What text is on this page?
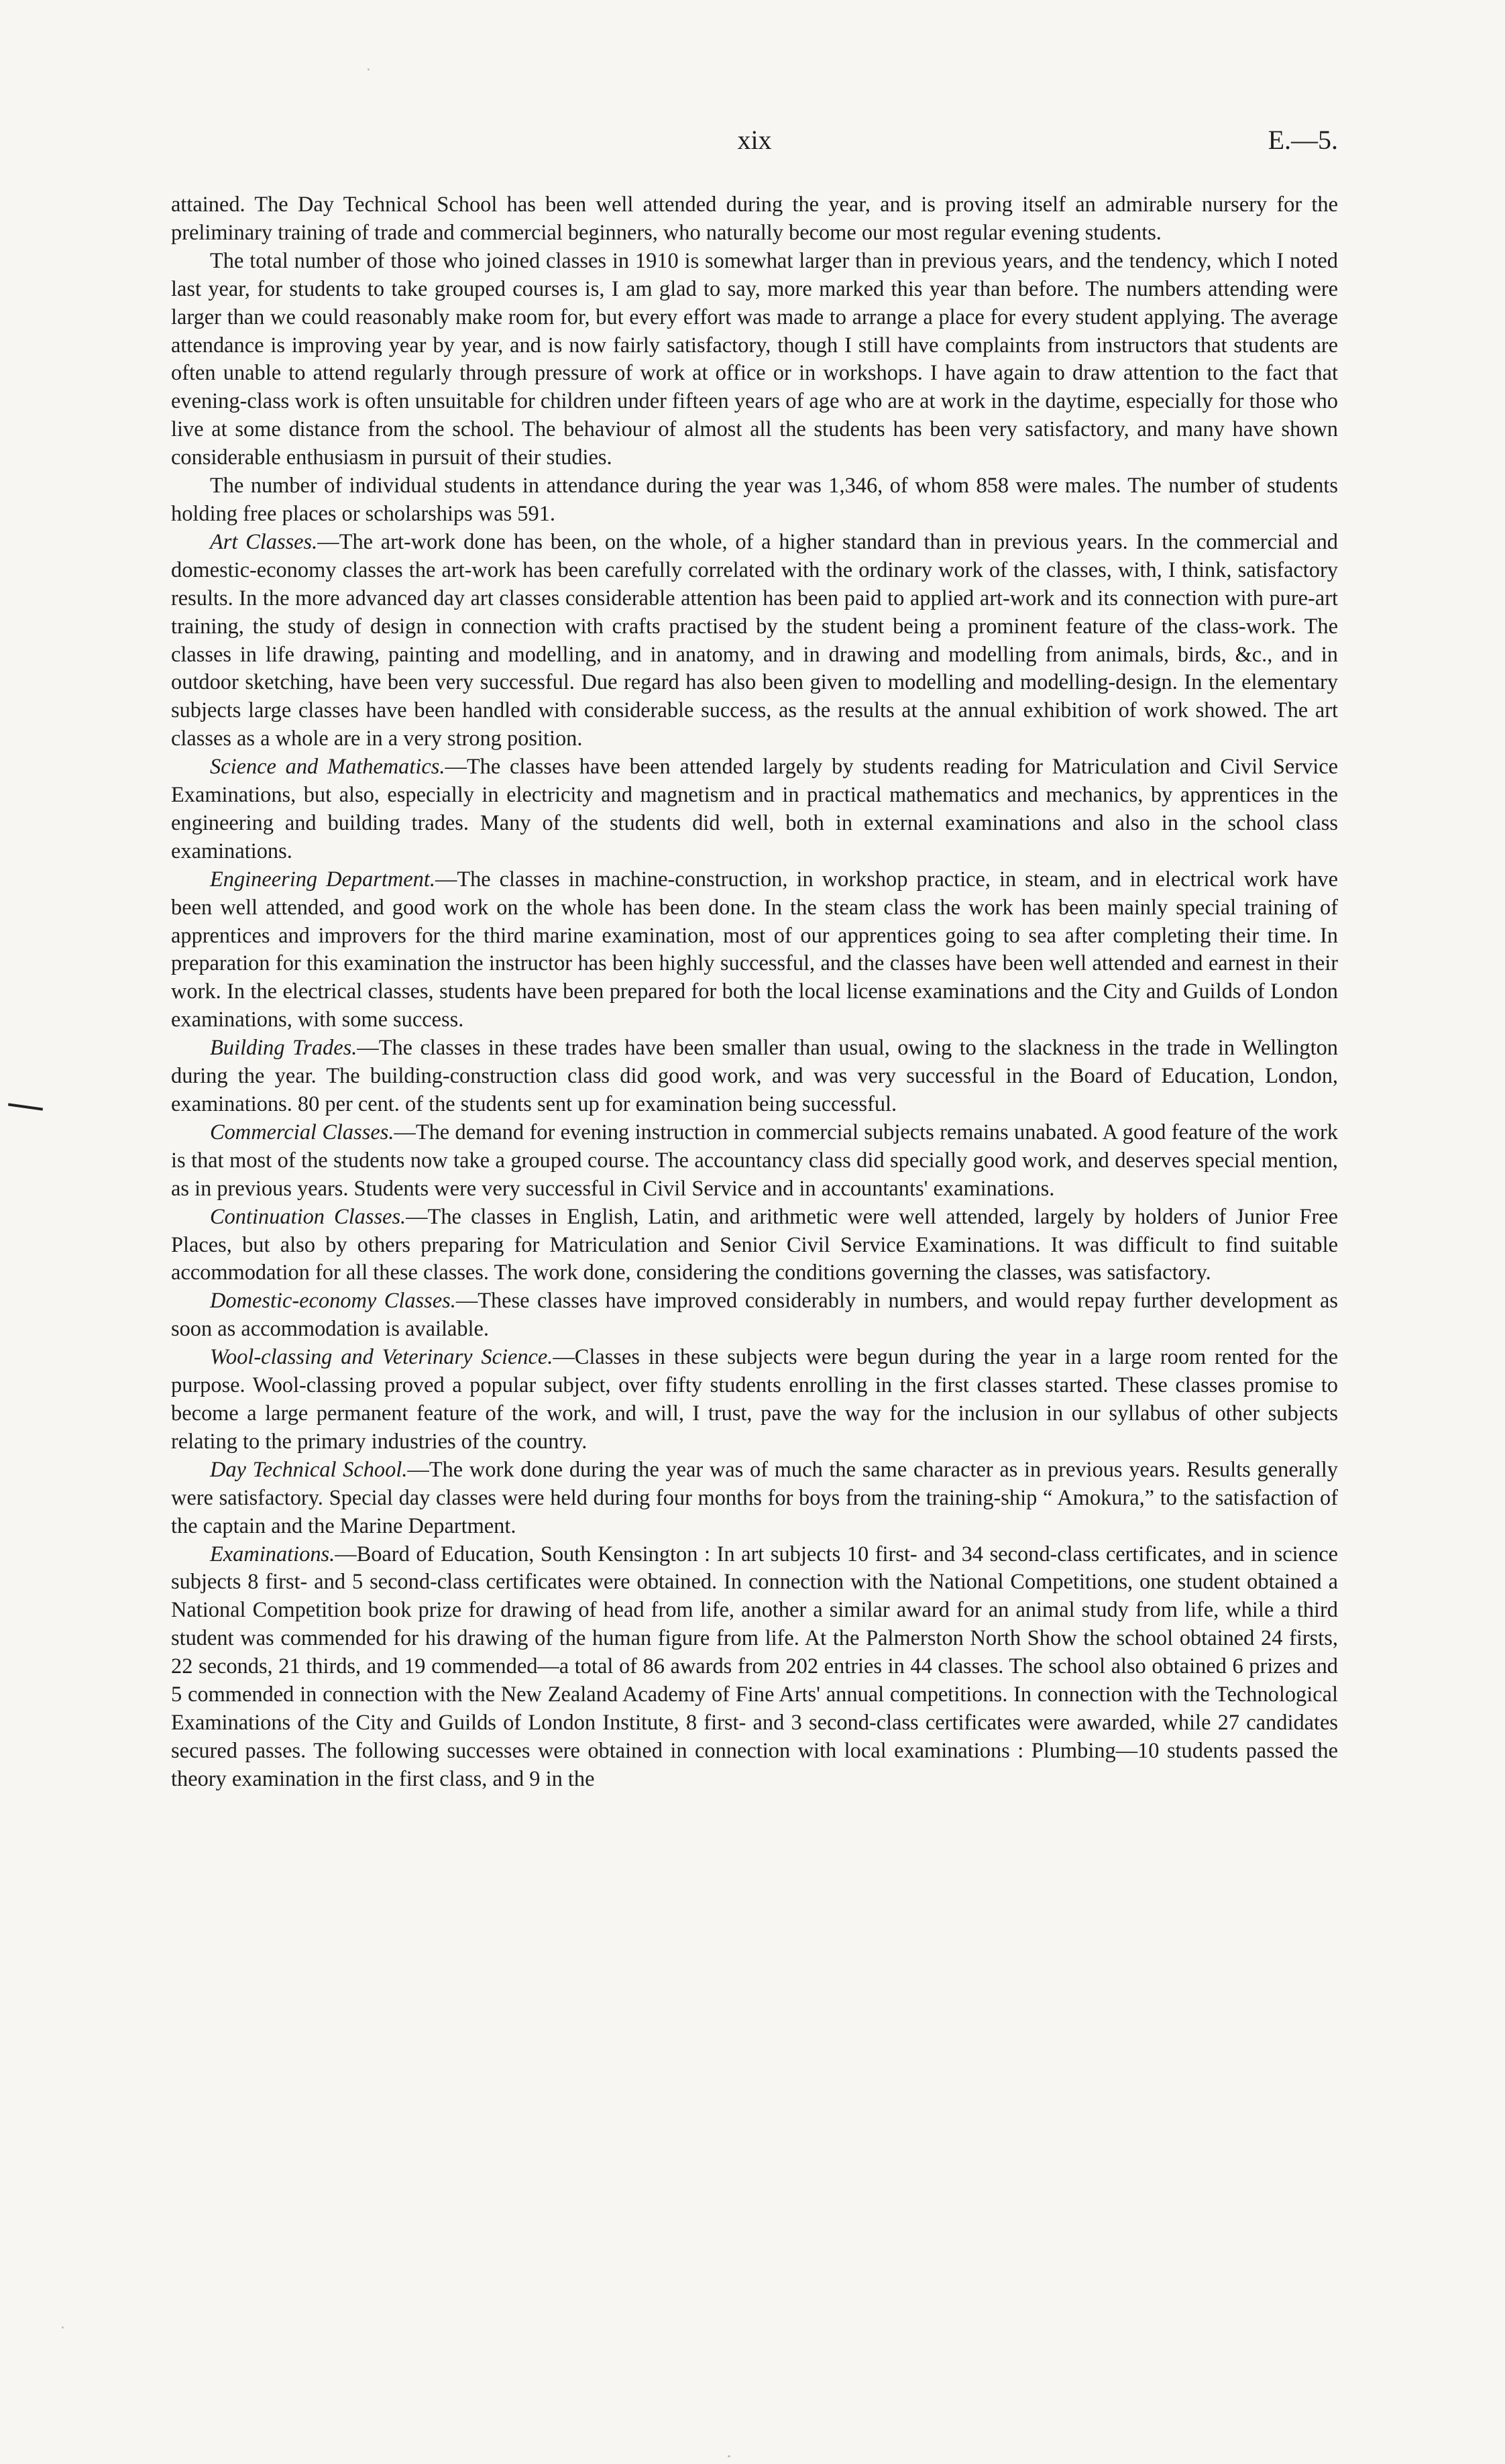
xix	E.—5.

attained. The Day Technical School has been well attended during the year, and is proving itself an admirable nursery for the preliminary training of trade and commercial beginners, who naturally become our most regular evening students.

The total number of those who joined classes in 1910 is somewhat larger than in previous years, and the tendency, which I noted last year, for students to take grouped courses is, I am glad to say, more marked this year than before. The numbers attending were larger than we could reasonably make room for, but every effort was made to arrange a place for every student applying. The average attendance is improving year by year, and is now fairly satisfactory, though I still have complaints from instructors that students are often unable to attend regularly through pressure of work at office or in workshops. I have again to draw attention to the fact that evening-class work is often unsuitable for children under fifteen years of age who are at work in the daytime, especially for those who live at some distance from the school. The behaviour of almost all the students has been very satisfactory, and many have shown considerable enthusiasm in pursuit of their studies.

The number of individual students in attendance during the year was 1,346, of whom 858 were males. The number of students holding free places or scholarships was 591.

Art Classes.—The art-work done has been, on the whole, of a higher standard than in previous years. In the commercial and domestic-economy classes the art-work has been carefully correlated with the ordinary work of the classes, with, I think, satisfactory results. In the more advanced day art classes considerable attention has been paid to applied art-work and its connection with pure-art training, the study of design in connection with crafts practised by the student being a prominent feature of the class-work. The classes in life drawing, painting and modelling, and in anatomy, and in drawing and modelling from animals, birds, &c., and in outdoor sketching, have been very successful. Due regard has also been given to modelling and modelling-design. In the elementary subjects large classes have been handled with considerable success, as the results at the annual exhibition of work showed. The art classes as a whole are in a very strong position.

Science and Mathematics.—The classes have been attended largely by students reading for Matriculation and Civil Service Examinations, but also, especially in electricity and magnetism and in practical mathematics and mechanics, by apprentices in the engineering and building trades. Many of the students did well, both in external examinations and also in the school class examinations.

Engineering Department.—The classes in machine-construction, in workshop practice, in steam, and in electrical work have been well attended, and good work on the whole has been done. In the steam class the work has been mainly special training of apprentices and improvers for the third marine examination, most of our apprentices going to sea after completing their time. In preparation for this examination the instructor has been highly successful, and the classes have been well attended and earnest in their work. In the electrical classes, students have been prepared for both the local license examinations and the City and Guilds of London examinations, with some success.

Building Trades.—The classes in these trades have been smaller than usual, owing to the slackness in the trade in Wellington during the year. The building-construction class did good work, and was very successful in the Board of Education, London, examinations. 80 per cent. of the students sent up for examination being successful.

Commercial Classes.—The demand for evening instruction in commercial subjects remains unabated. A good feature of the work is that most of the students now take a grouped course. The accountancy class did specially good work, and deserves special mention, as in previous years. Students were very successful in Civil Service and in accountants' examinations.

Continuation Classes.—The classes in English, Latin, and arithmetic were well attended, largely by holders of Junior Free Places, but also by others preparing for Matriculation and Senior Civil Service Examinations. It was difficult to find suitable accommodation for all these classes. The work done, considering the conditions governing the classes, was satisfactory.

Domestic-economy Classes.—These classes have improved considerably in numbers, and would repay further development as soon as accommodation is available.

Wool-classing and Veterinary Science.—Classes in these subjects were begun during the year in a large room rented for the purpose. Wool-classing proved a popular subject, over fifty students enrolling in the first classes started. These classes promise to become a large permanent feature of the work, and will, I trust, pave the way for the inclusion in our syllabus of other subjects relating to the primary industries of the country.

Day Technical School.—The work done during the year was of much the same character as in previous years. Results generally were satisfactory. Special day classes were held during four months for boys from the training-ship “ Amokura,” to the satisfaction of the captain and the Marine Department.

Examinations.—Board of Education, South Kensington : In art subjects 10 first- and 34 second-class certificates, and in science subjects 8 first- and 5 second-class certificates were obtained. In connection with the National Competitions, one student obtained a National Competition book prize for drawing of head from life, another a similar award for an animal study from life, while a third student was commended for his drawing of the human figure from life. At the Palmerston North Show the school obtained 24 firsts, 22 seconds, 21 thirds, and 19 commended—a total of 86 awards from 202 entries in 44 classes. The school also obtained 6 prizes and 5 commended in connection with the New Zealand Academy of Fine Arts' annual competitions. In connection with the Technological Examinations of the City and Guilds of London Institute, 8 first- and 3 second-class certificates were awarded, while 27 candidates secured passes. The following successes were obtained in connection with local examinations : Plumbing—10 students passed the theory examination in the first class, and 9 in the
